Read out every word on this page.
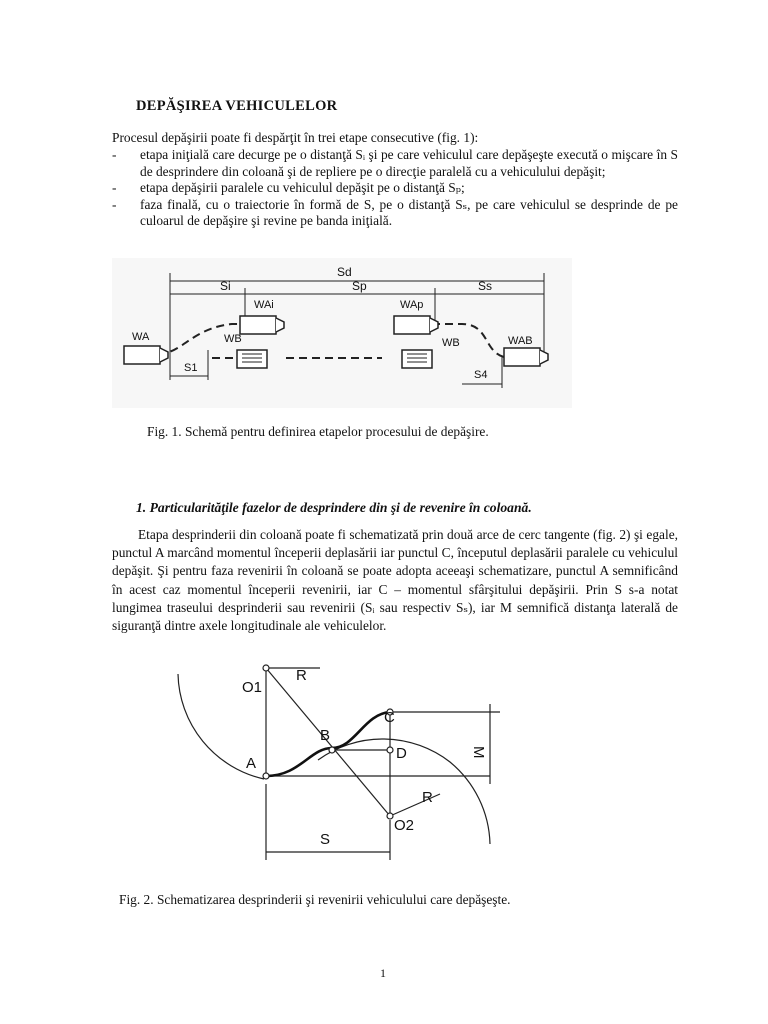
DEPĂŞIREA VEHICULELOR
Procesul depăşirii poate fi despărţit în trei etape consecutive (fig. 1):
- etapa iniţială care decurge pe o distanţă Sᵢ şi pe care vehiculul care depăşeşte execută o mişcare în S de desprindere din coloană şi de repliere pe o direcţie paralelă cu a vehiculului depăşit;
- etapa depăşirii paralele cu vehiculul depăşit pe o distanţă Sₚ;
- faza finală, cu o traiectorie în formă de S, pe o distanţă Sₛ, pe care vehiculul se desprinde de pe culoarul de depăşire şi revine pe banda iniţială.
Sd
Si	Sp	Ss
S1
S4
WA
WAi
WB
WAp
WB	WAB
Fig. 1. Schemă pentru definirea etapelor procesului de depăşire.
1. Particularităţile fazelor de desprindere din şi de revenire în coloană.
Etapa desprinderii din coloană poate fi schematizată prin două arce de cerc tangente (fig. 2) şi egale, punctul A marcând momentul începerii deplasării iar punctul C, începutul deplasării paralele cu vehiculul depăşit. Şi pentru faza revenirii în coloană se poate adopta aceeaşi schematizare, punctul A semnificând în acest caz momentul începerii revenirii, iar C – momentul sfârşitului depăşirii. Prin S s-a notat lungimea traseului desprinderii sau revenirii (Sᵢ sau respectiv Sₛ), iar M semnifică distanţa laterală de siguranţă dintre axele longitudinale ale vehiculelor.
O1
R
C
B
D
A
R
O2
S
M
Fig. 2. Schematizarea desprinderii şi revenirii vehiculului care depăşeşte.
1
